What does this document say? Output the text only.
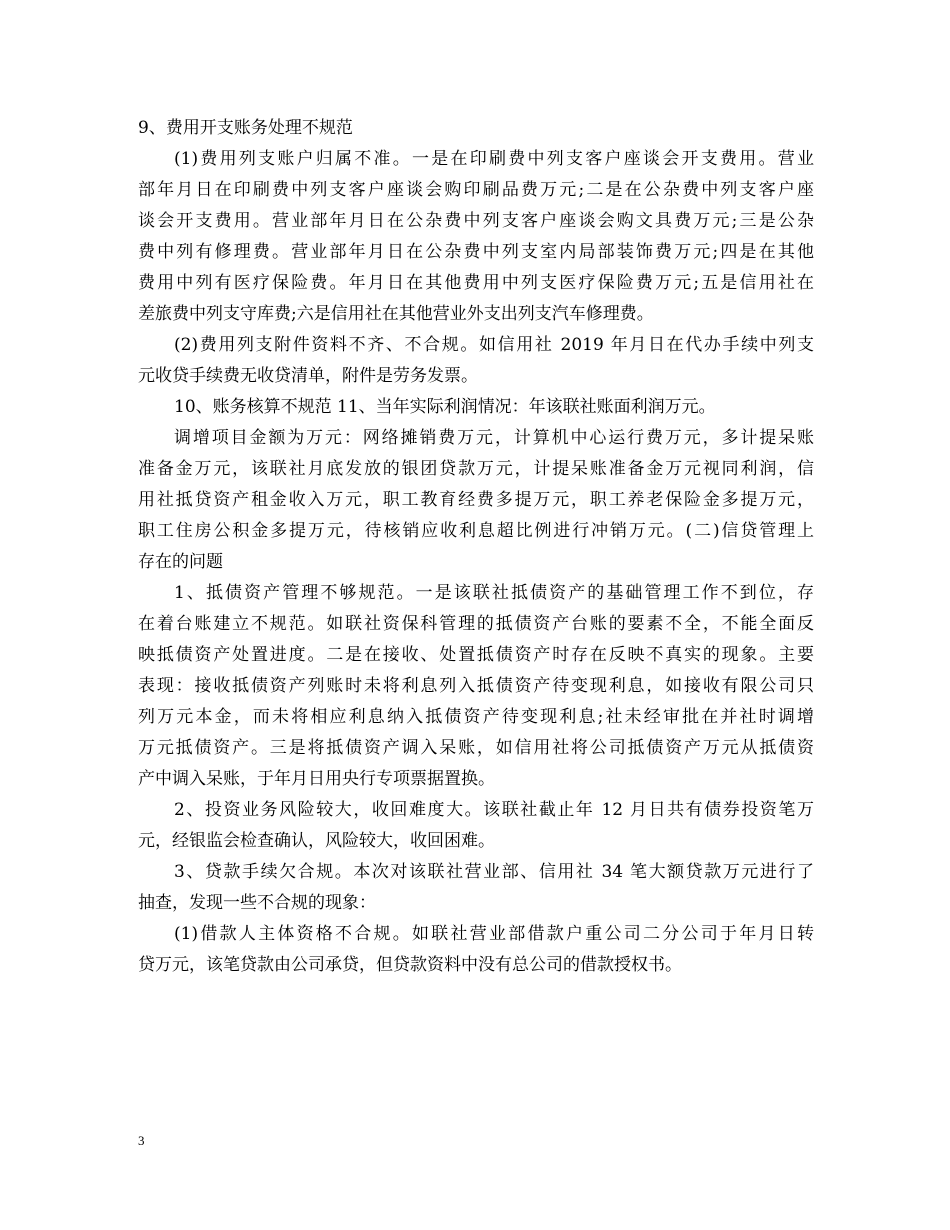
9、费用开支账务处理不规范
(1)费用列支账户归属不准。一是在印刷费中列支客户座谈会开支费用。营业
部年月日在印刷费中列支客户座谈会购印刷品费万元;二是在公杂费中列支客户座
谈会开支费用。营业部年月日在公杂费中列支客户座谈会购文具费万元;三是公杂
费中列有修理费。营业部年月日在公杂费中列支室内局部装饰费万元;四是在其他
费用中列有医疗保险费。年月日在其他费用中列支医疗保险费万元;五是信用社在
差旅费中列支守库费;六是信用社在其他营业外支出列支汽车修理费。
(2)费用列支附件资料不齐、不合规。如信用社 2019 年月日在代办手续中列支
元收贷手续费无收贷清单，附件是劳务发票。
10、账务核算不规范 11、当年实际利润情况：年该联社账面利润万元。
调增项目金额为万元：网络摊销费万元，计算机中心运行费万元，多计提呆账
准备金万元，该联社月底发放的银团贷款万元，计提呆账准备金万元视同利润，信
用社抵贷资产租金收入万元，职工教育经费多提万元，职工养老保险金多提万元，
职工住房公积金多提万元，待核销应收利息超比例进行冲销万元。(二)信贷管理上
存在的问题
1、抵债资产管理不够规范。一是该联社抵债资产的基础管理工作不到位，存
在着台账建立不规范。如联社资保科管理的抵债资产台账的要素不全，不能全面反
映抵债资产处置进度。二是在接收、处置抵债资产时存在反映不真实的现象。主要
表现：接收抵债资产列账时未将利息列入抵债资产待变现利息，如接收有限公司只
列万元本金，而未将相应利息纳入抵债资产待变现利息;社未经审批在并社时调增
万元抵债资产。三是将抵债资产调入呆账，如信用社将公司抵债资产万元从抵债资
产中调入呆账，于年月日用央行专项票据置换。
2、投资业务风险较大，收回难度大。该联社截止年 12 月日共有债券投资笔万
元，经银监会检查确认，风险较大，收回困难。
3、贷款手续欠合规。本次对该联社营业部、信用社 34 笔大额贷款万元进行了
抽查，发现一些不合规的现象：
(1)借款人主体资格不合规。如联社营业部借款户重公司二分公司于年月日转
贷万元，该笔贷款由公司承贷，但贷款资料中没有总公司的借款授权书。
3
